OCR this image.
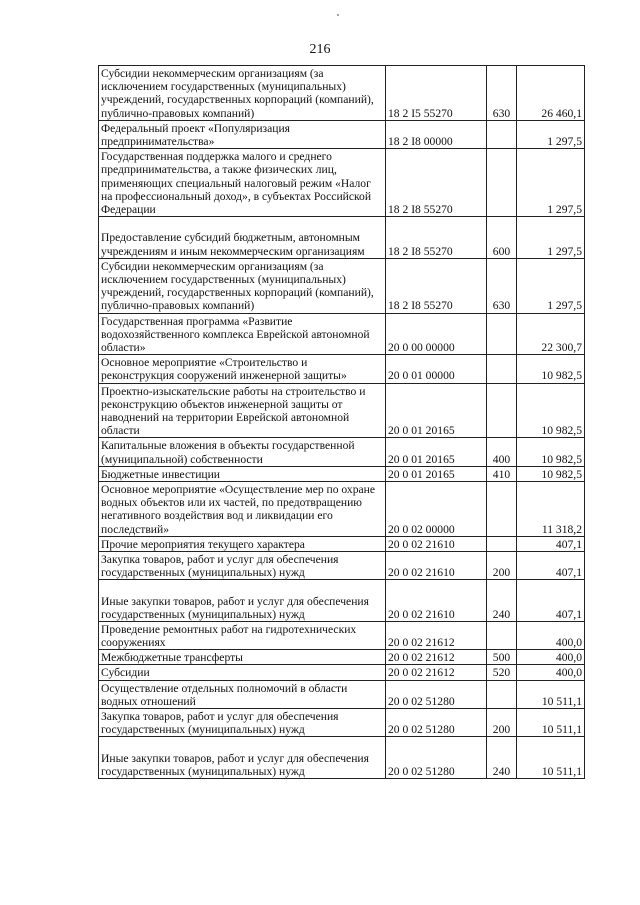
216
Субсидии некоммерческим организациям (за исключением государственных (муниципальных) учреждений, государственных корпораций (компаний), публично-правовых компаний)	18 2 I5 55270	630	26 460,1
Федеральный проект «Популяризация предпринимательства»	18 2 I8 00000		1 297,5
Государственная поддержка малого и среднего предпринимательства, а также физических лиц, применяющих специальный налоговый режим «Налог на профессиональный доход», в субъектах Российской Федерации	18 2 I8 55270		1 297,5
Предоставление субсидий бюджетным, автономным учреждениям и иным некоммерческим организациям	18 2 I8 55270	600	1 297,5
Субсидии некоммерческим организациям (за исключением государственных (муниципальных) учреждений, государственных корпораций (компаний), публично-правовых компаний)	18 2 I8 55270	630	1 297,5
Государственная программа «Развитие водохозяйственного комплекса Еврейской автономной области»	20 0 00 00000		22 300,7
Основное мероприятие «Строительство и реконструкция сооружений инженерной защиты»	20 0 01 00000		10 982,5
Проектно-изыскательские работы на строительство и реконструкцию объектов инженерной защиты от наводнений на территории Еврейской автономной области	20 0 01 20165		10 982,5
Капитальные вложения в объекты государственной (муниципальной) собственности	20 0 01 20165	400	10 982,5
Бюджетные инвестиции	20 0 01 20165	410	10 982,5
Основное мероприятие «Осуществление мер по охране водных объектов или их частей, по предотвращению негативного воздействия вод и ликвидации его последствий»	20 0 02 00000		11 318,2
Прочие мероприятия текущего характера	20 0 02 21610		407,1
Закупка товаров, работ и услуг для обеспечения государственных (муниципальных) нужд	20 0 02 21610	200	407,1
Иные закупки товаров, работ и услуг для обеспечения государственных (муниципальных) нужд	20 0 02 21610	240	407,1
Проведение ремонтных работ на гидротехнических сооружениях	20 0 02 21612		400,0
Межбюджетные трансферты	20 0 02 21612	500	400,0
Субсидии	20 0 02 21612	520	400,0
Осуществление отдельных полномочий в области водных отношений	20 0 02 51280		10 511,1
Закупка товаров, работ и услуг для обеспечения государственных (муниципальных) нужд	20 0 02 51280	200	10 511,1
Иные закупки товаров, работ и услуг для обеспечения государственных (муниципальных) нужд	20 0 02 51280	240	10 511,1
